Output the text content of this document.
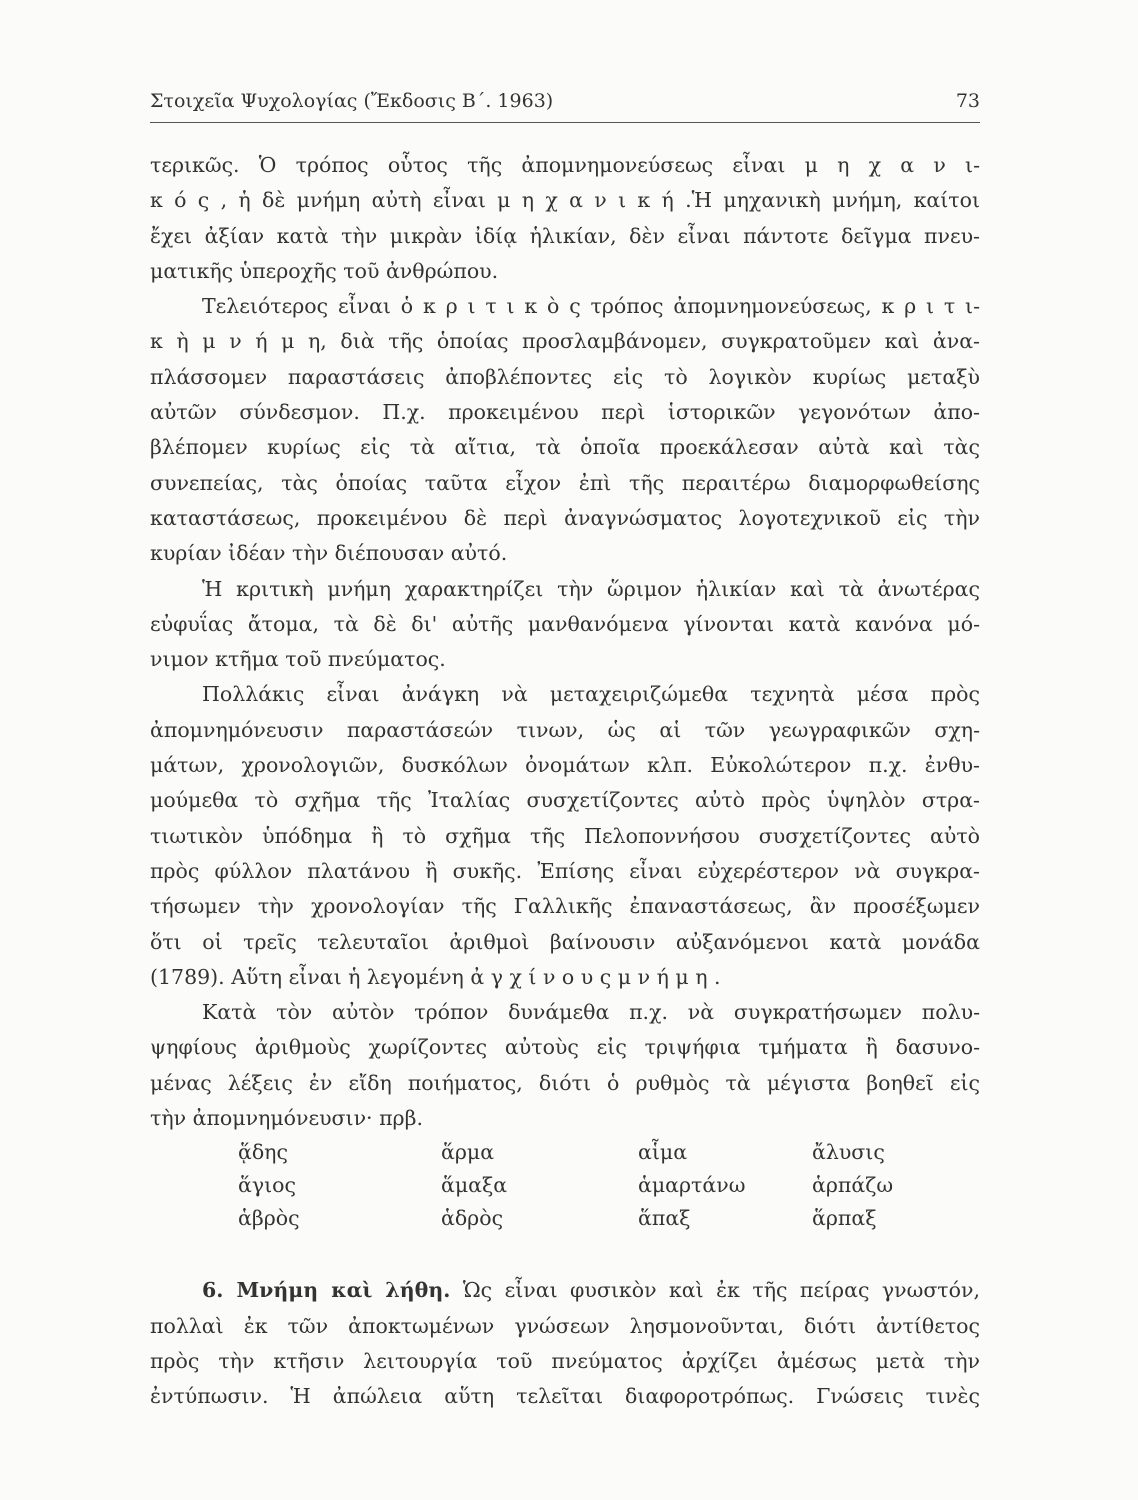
Στοιχεῖα Ψυχολογίας (Ἔκδοσις Β΄. 1963)	73
τερικῶς. Ὁ τρόπος οὗτος τῆς ἀπομνημονεύσεως εἶναι μ η χ α ν ι-
κ ό ς , ἡ δὲ μνήμη αὐτὴ εἶναι μ η χ α ν ι κ ή .Ἡ μηχανικὴ μνήμη, καίτοι
ἔχει ἀξίαν κατὰ τὴν μικρὰν ἰδίᾳ ἡλικίαν, δὲν εἶναι πάντοτε δεῖγμα πνευ-
ματικῆς ὑπεροχῆς τοῦ ἀνθρώπου.
Τελειότερος εἶναι ὁ κ ρ ι τ ι κ ὸ ς τρόπος ἀπομνημονεύσεως, κ ρ ι τ ι-
κ ὴ μ ν ή μ η, διὰ τῆς ὁποίας προσλαμβάνομεν, συγκρατοῦμεν καὶ ἀνα-
πλάσσομεν παραστάσεις ἀποβλέποντες εἰς τὸ λογικὸν κυρίως μεταξὺ
αὐτῶν σύνδεσμον. Π.χ. προκειμένου περὶ ἱστορικῶν γεγονότων ἀπο-
βλέπομεν κυρίως εἰς τὰ αἴτια, τὰ ὁποῖα προεκάλεσαν αὐτὰ καὶ τὰς
συνεπείας, τὰς ὁποίας ταῦτα εἶχον ἐπὶ τῆς περαιτέρω διαμορφωθείσης
καταστάσεως, προκειμένου δὲ περὶ ἀναγνώσματος λογοτεχνικοῦ εἰς τὴν
κυρίαν ἰδέαν τὴν διέπουσαν αὐτό.
Ἡ κριτικὴ μνήμη χαρακτηρίζει τὴν ὥριμον ἡλικίαν καὶ τὰ ἀνωτέρας
εὐφυΐας ἄτομα, τὰ δὲ δι' αὐτῆς μανθανόμενα γίνονται κατὰ κανόνα μό-
νιμον κτῆμα τοῦ πνεύματος.
Πολλάκις εἶναι ἀνάγκη νὰ μεταχειριζώμεθα τεχνητὰ μέσα πρὸς
ἀπομνημόνευσιν παραστάσεών τινων, ὡς αἱ τῶν γεωγραφικῶν σχη-
μάτων, χρονολογιῶν, δυσκόλων ὀνομάτων κλπ. Εὐκολώτερον π.χ. ἐνθυ-
μούμεθα τὸ σχῆμα τῆς Ἰταλίας συσχετίζοντες αὐτὸ πρὸς ὑψηλὸν στρα-
τιωτικὸν ὑπόδημα ἢ τὸ σχῆμα τῆς Πελοποννήσου συσχετίζοντες αὐτὸ
πρὸς φύλλον πλατάνου ἢ συκῆς. Ἐπίσης εἶναι εὐχερέστερον νὰ συγκρα-
τήσωμεν τὴν χρονολογίαν τῆς Γαλλικῆς ἐπαναστάσεως, ἂν προσέξωμεν
ὅτι οἱ τρεῖς τελευταῖοι ἀριθμοὶ βαίνουσιν αὐξανόμενοι κατὰ μονάδα
(1789). Αὕτη εἶναι ἡ λεγομένη ἀ γ χ ί ν ο υ ς μ ν ή μ η .
Κατὰ τὸν αὐτὸν τρόπον δυνάμεθα π.χ. νὰ συγκρατήσωμεν πολυ-
ψηφίους ἀριθμοὺς χωρίζοντες αὐτοὺς εἰς τριψήφια τμήματα ἢ δασυνο-
μένας λέξεις ἐν εἴδη ποιήματος, διότι ὁ ρυθμὸς τὰ μέγιστα βοηθεῖ εἰς
τὴν ἀπομνημόνευσιν· πρβ.
ᾅδης	ἅρμα	αἷμα	ἄλυσις
ἅγιος	ἅμαξα	ἁμαρτάνω	ἁρπάζω
ἁβρὸς	ἁδρὸς	ἅπαξ	ἅρπαξ
6. Μνήμη καὶ λήθη. Ὡς εἶναι φυσικὸν καὶ ἐκ τῆς πείρας γνωστόν,
πολλαὶ ἐκ τῶν ἀποκτωμένων γνώσεων λησμονοῦνται, διότι ἀντίθετος
πρὸς τὴν κτῆσιν λειτουργία τοῦ πνεύματος ἀρχίζει ἀμέσως μετὰ τὴν
ἐντύπωσιν. Ἡ ἀπώλεια αὕτη τελεῖται διαφοροτρόπως. Γνώσεις τινὲς
